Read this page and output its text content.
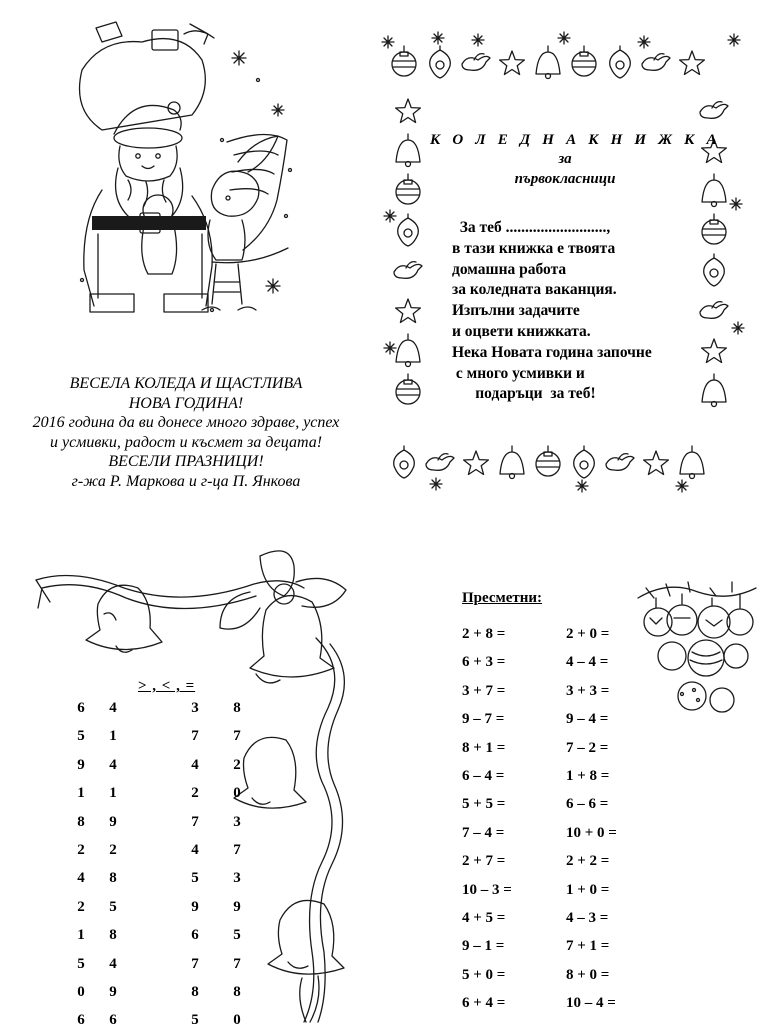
ВЕСЕЛА КОЛЕДА И ЩАСТЛИВА
НОВА ГОДИНА!
2016 година да ви донесе много здраве, успех
и усмивки, радост и късмет за децата!
ВЕСЕЛИ ПРАЗНИЦИ!
г-жа Р. Маркова и г-ца П. Янкова
К О Л Е Д Н А К Н И Ж К А
за
първокласници
За теб ..........................,
в тази книжка е твоята
домашна работа
за коледната ваканция.
Изпълни задачите
и оцвети книжката.
Нека Новата година започне
с много усмивки и
подаръци  за теб!
> , < , =
6 4	3 8
5 1	7 7
9 4	4 2
1 1	2 0
8 9	7 3
2 2	4 7
4 8	5 3
2 5	9 9
1 8	6 5
5 4	7 7
0 9	8 8
6 6	5 0
Пресметни:
2 + 8 =	2 + 0 =
6 + 3 =	4 – 4 =
3 + 7 =	3 + 3 =
9 – 7 =	9 – 4 =
8 + 1 =	7 – 2 =
6 – 4 =	1 + 8 =
5 + 5 =	6 – 6 =
7 – 4 =	10 + 0 =
2 + 7 =	2 + 2 =
10 – 3 =	1 + 0 =
4 + 5 =	4 – 3 =
9 – 1 =	7 + 1 =
5 + 0 =	8 + 0 =
6 + 4 =	10 – 4 =
